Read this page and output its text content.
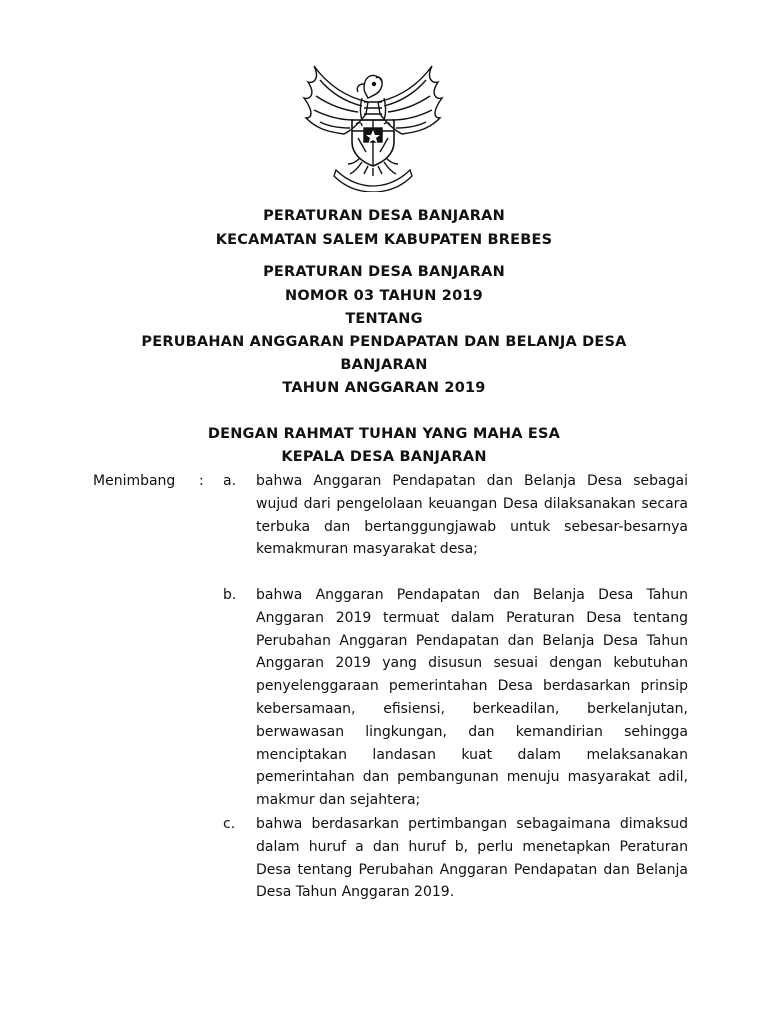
PERATURAN DESA BANJARAN
KECAMATAN SALEM KABUPATEN BREBES
PERATURAN DESA BANJARAN
NOMOR 03 TAHUN 2019
TENTANG
PERUBAHAN ANGGARAN PENDAPATAN DAN BELANJA DESA
BANJARAN
TAHUN ANGGARAN 2019
DENGAN RAHMAT TUHAN YANG MAHA ESA
KEPALA DESA BANJARAN
Menimbang : a. bahwa Anggaran Pendapatan dan Belanja Desa sebagai wujud dari pengelolaan keuangan Desa dilaksanakan secara terbuka dan bertanggungjawab untuk sebesar-besarnya kemakmuran masyarakat desa;
b. bahwa Anggaran Pendapatan dan Belanja Desa Tahun Anggaran 2019 termuat dalam Peraturan Desa tentang Perubahan Anggaran Pendapatan dan Belanja Desa Tahun Anggaran 2019 yang disusun sesuai dengan kebutuhan penyelenggaraan pemerintahan Desa berdasarkan prinsip kebersamaan, efisiensi, berkeadilan, berkelanjutan, berwawasan lingkungan, dan kemandirian sehingga menciptakan landasan kuat dalam melaksanakan pemerintahan dan pembangunan menuju masyarakat adil, makmur dan sejahtera;
c. bahwa berdasarkan pertimbangan sebagaimana dimaksud dalam huruf a dan huruf b, perlu menetapkan Peraturan Desa tentang Perubahan Anggaran Pendapatan dan Belanja Desa Tahun Anggaran 2019.
